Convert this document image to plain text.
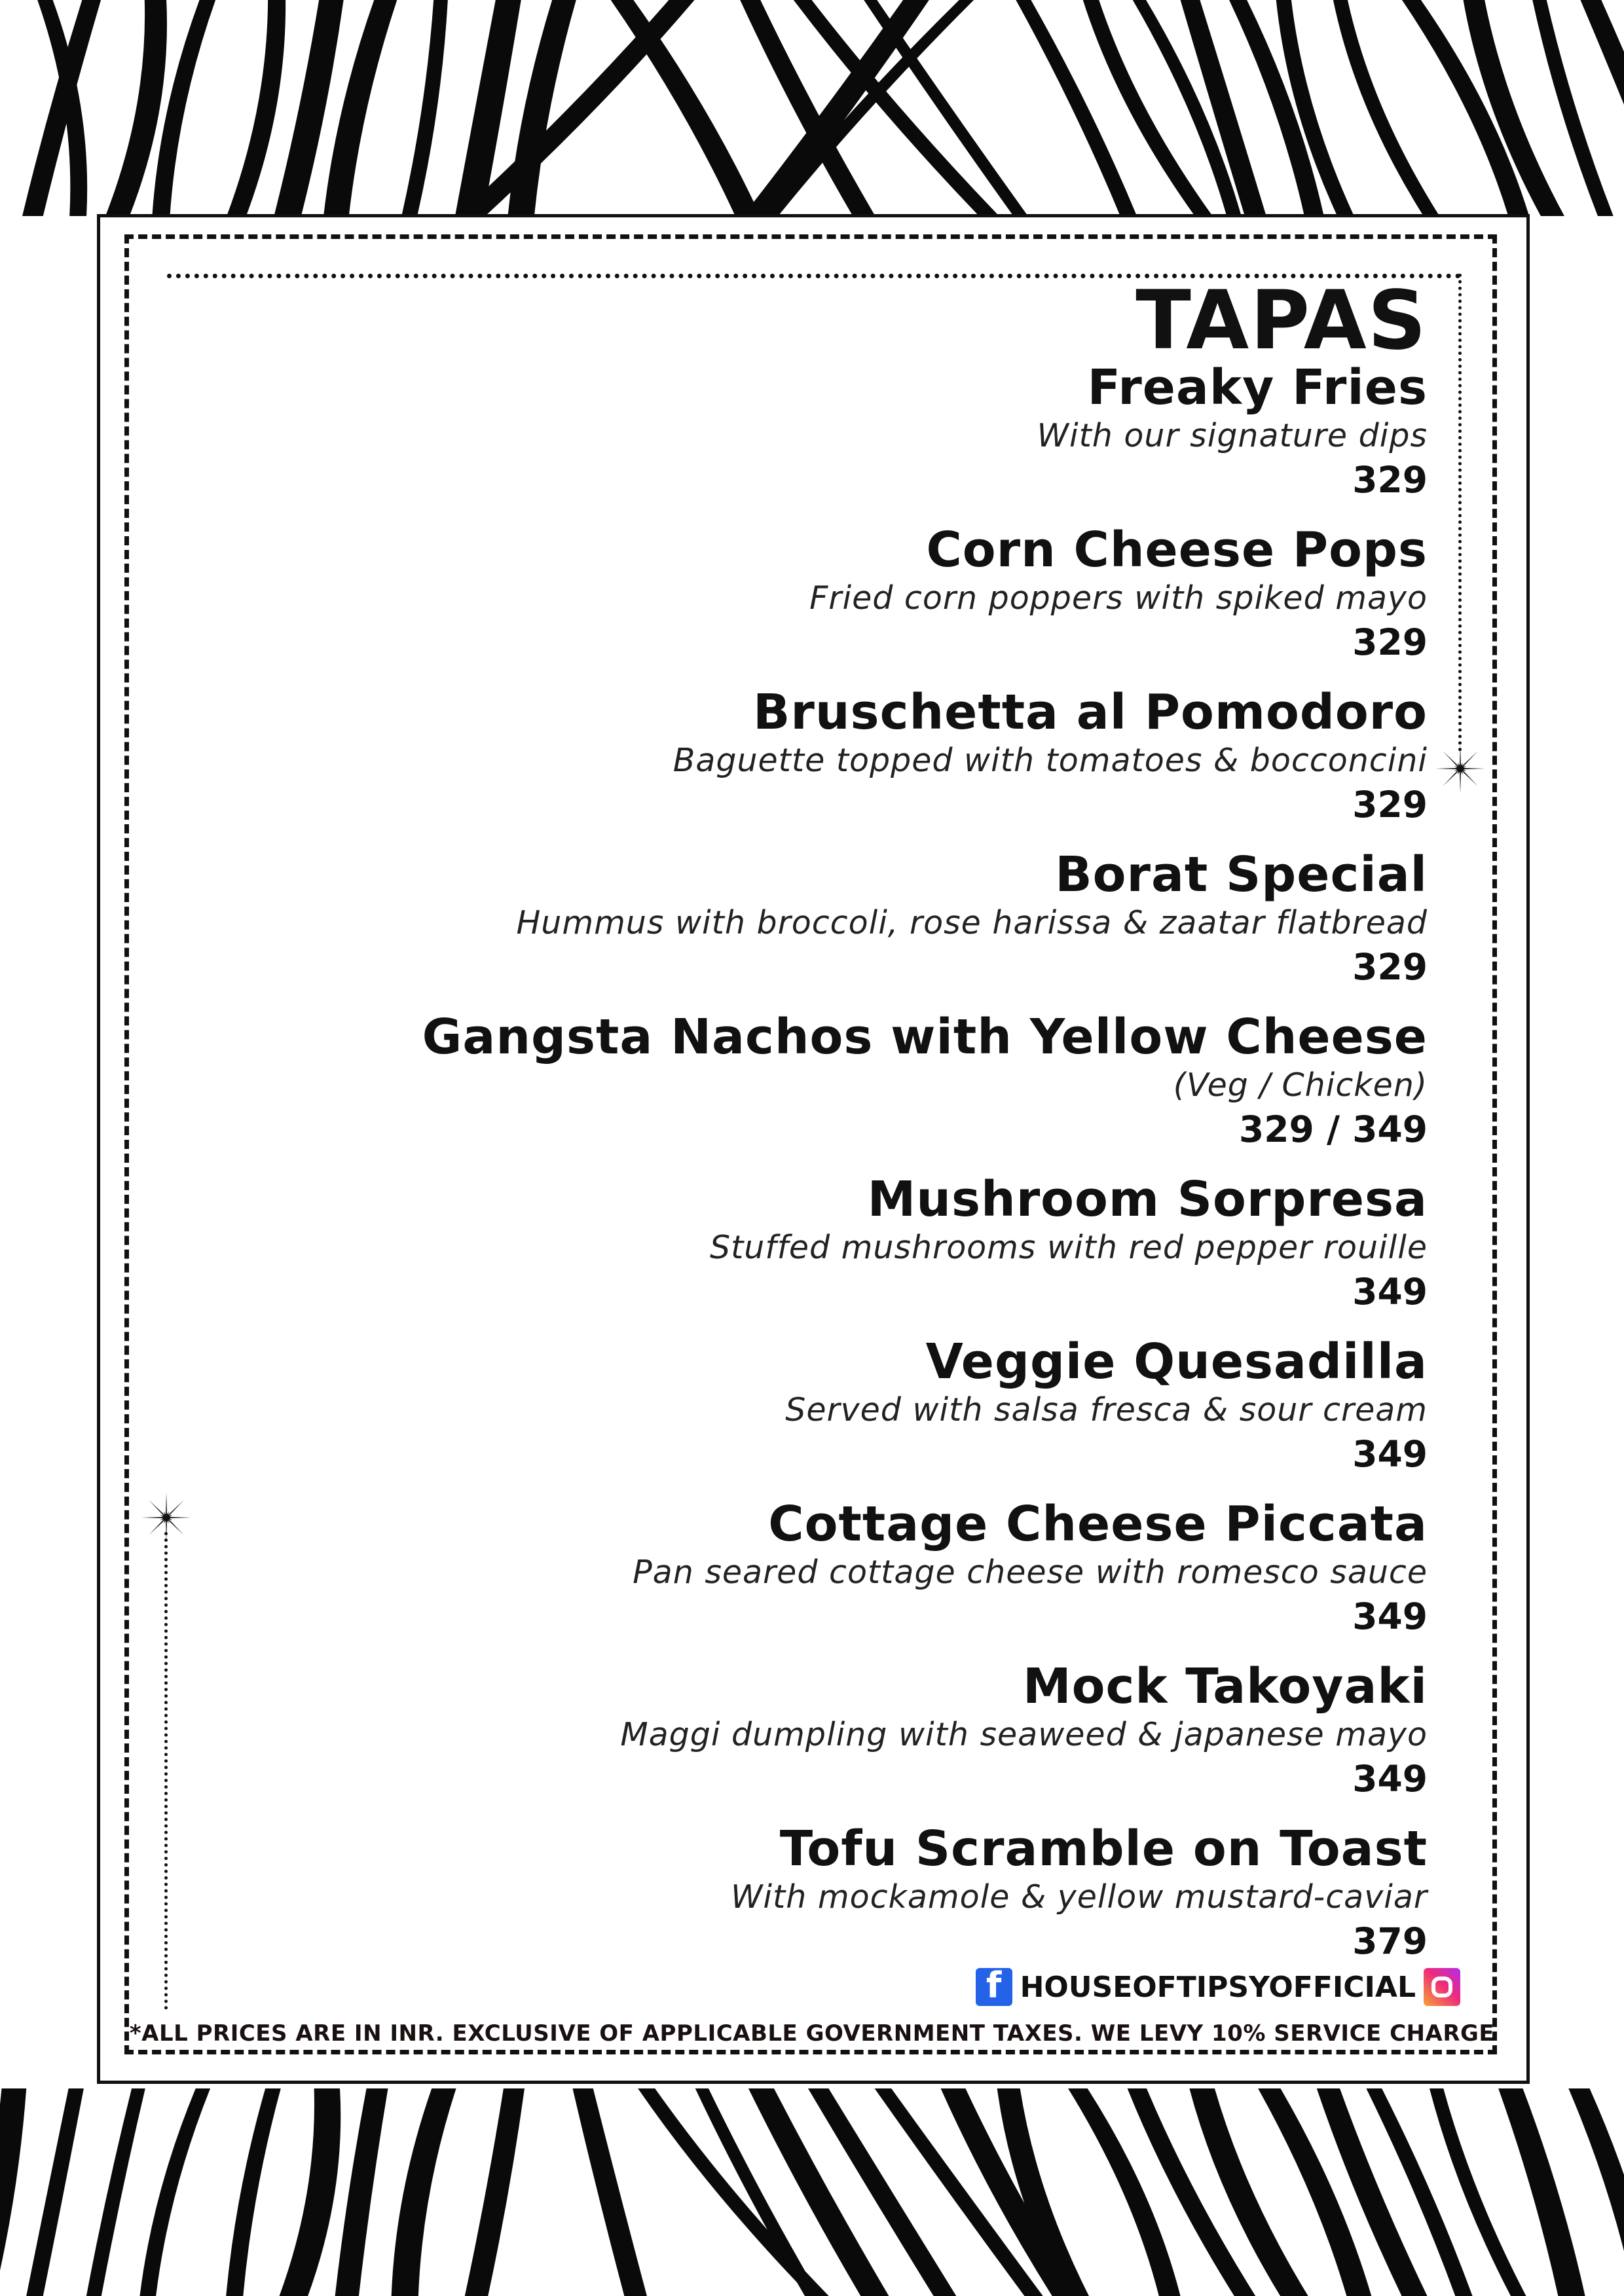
TAPAS
Freaky Fries
With our signature dips
329
Corn Cheese Pops
Fried corn poppers with spiked mayo
329
Bruschetta al Pomodoro
Baguette topped with tomatoes & bocconcini
329
Borat Special
Hummus with broccoli, rose harissa & zaatar flatbread
329
Gangsta Nachos with Yellow Cheese
(Veg / Chicken)
329 / 349
Mushroom Sorpresa
Stuffed mushrooms with red pepper rouille
349
Veggie Quesadilla
Served with salsa fresca & sour cream
349
Cottage Cheese Piccata
Pan seared cottage cheese with romesco sauce
349
Mock Takoyaki
Maggi dumpling with seaweed & japanese mayo
349
Tofu Scramble on Toast
With mockamole & yellow mustard-caviar
379
f HOUSEOFTIPSYOFFICIAL
*ALL PRICES ARE IN INR. EXCLUSIVE OF APPLICABLE GOVERNMENT TAXES. WE LEVY 10% SERVICE CHARGE
